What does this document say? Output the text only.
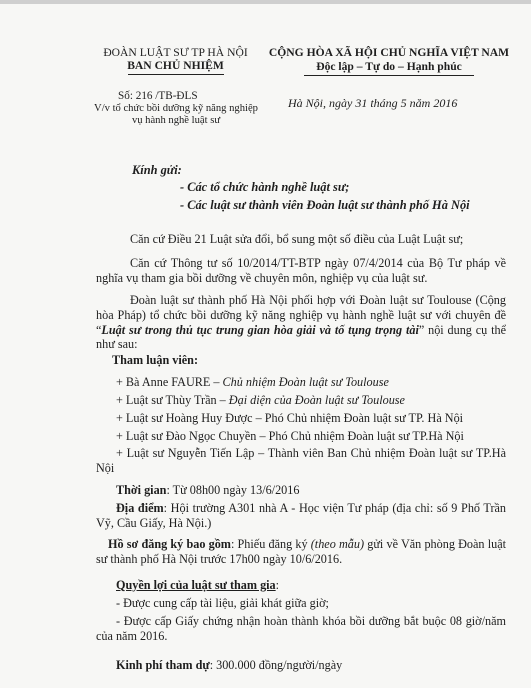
ĐOÀN LUẬT SƯ TP HÀ NỘI
BAN CHỦ NHIỆM
CỘNG HÒA XÃ HỘI CHỦ NGHĨA VIỆT NAM
Độc lập – Tự do – Hạnh phúc
Số: 216 /TB-ĐLS
V/v tổ chức bồi dưỡng kỹ năng nghiệp
vụ hành nghề luật sư
Hà Nội, ngày 31 tháng 5 năm 2016
Kính gửi:
- Các tổ chức hành nghề luật sư;
- Các luật sư thành viên Đoàn luật sư thành phố Hà Nội
Căn cứ Điều 21 Luật sửa đổi, bổ sung một số điều của Luật Luật sư;
Căn cứ Thông tư số 10/2014/TT-BTP ngày 07/4/2014 của Bộ Tư pháp về nghĩa vụ tham gia bồi dưỡng về chuyên môn, nghiệp vụ của luật sư.
Đoàn luật sư thành phố Hà Nội phối hợp với Đoàn luật sư Toulouse (Cộng hòa Pháp) tổ chức bồi dưỡng kỹ năng nghiệp vụ hành nghề luật sư với chuyên đề “Luật sư trong thủ tục trung gian hòa giải và tố tụng trọng tài” nội dung cụ thể như sau:
Tham luận viên:
+ Bà Anne FAURE – Chủ nhiệm Đoàn luật sư Toulouse
+ Luật sư Thùy Trần – Đại diện của Đoàn luật sư Toulouse
+ Luật sư Hoàng Huy Được – Phó Chủ nhiệm Đoàn luật sư TP. Hà Nội
+ Luật sư Đào Ngọc Chuyền – Phó Chủ nhiệm Đoàn luật sư TP.Hà Nội
+ Luật sư Nguyễn Tiến Lập – Thành viên Ban Chủ nhiệm Đoàn luật sư TP.Hà Nội
Thời gian: Từ 08h00 ngày 13/6/2016
Địa điểm: Hội trường A301 nhà A - Học viện Tư pháp (địa chỉ: số 9 Phố Trần Vỹ, Cầu Giấy, Hà Nội.)
Hồ sơ đăng ký bao gồm: Phiếu đăng ký (theo mẫu) gửi về Văn phòng Đoàn luật sư thành phố Hà Nội trước 17h00 ngày 10/6/2016.
Quyền lợi của luật sư tham gia:
- Được cung cấp tài liệu, giải khát giữa giờ;
- Được cấp Giấy chứng nhận hoàn thành khóa bồi dưỡng bắt buộc 08 giờ/năm của năm 2016.
Kinh phí tham dự: 300.000 đồng/người/ngày
